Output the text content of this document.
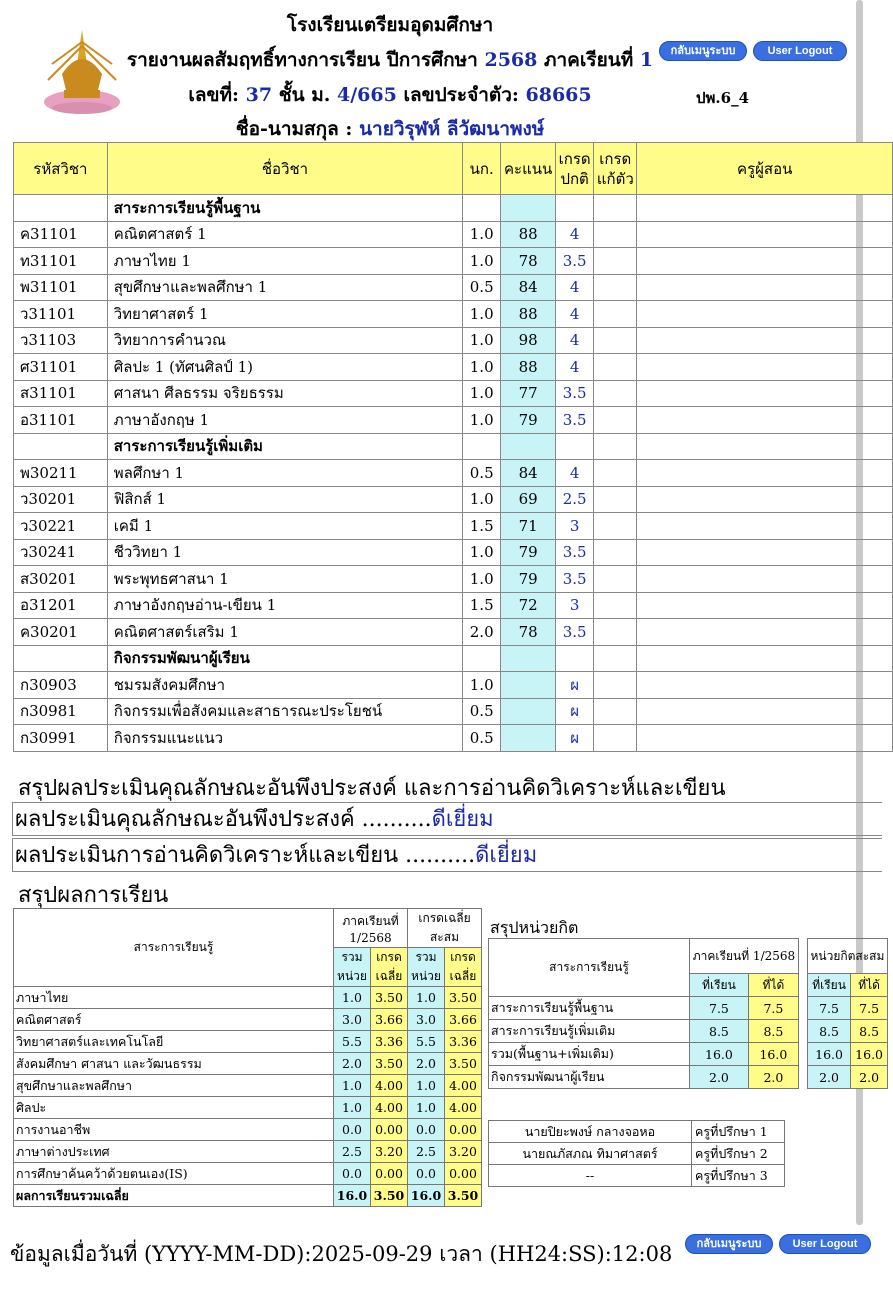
โรงเรียนเตรียมอุดมศึกษา
รายงานผลสัมฤทธิ์ทางการเรียน ปีการศึกษา 2568 ภาคเรียนที่ 1
เลขที่: 37 ชั้น ม. 4/665 เลขประจำตัว: 68665
ชื่อ-นามสกุล : นายวิรุฬห์ ลีวัฒนาพงษ์
ปพ.6_4
กลับเมนูระบบ	User Logout
รหัสวิชา	ชื่อวิชา	นก.	คะแนน	เกรด ปกติ	เกรด แก้ตัว	ครูผู้สอน
	สาระการเรียนรู้พื้นฐาน					
ค31101	คณิตศาสตร์ 1	1.0	88	4		
ท31101	ภาษาไทย 1	1.0	78	3.5		
พ31101	สุขศึกษาและพลศึกษา 1	0.5	84	4		
ว31101	วิทยาศาสตร์ 1	1.0	88	4		
ว31103	วิทยาการคำนวณ	1.0	98	4		
ศ31101	ศิลปะ 1 (ทัศนศิลป์ 1)	1.0	88	4		
ส31101	ศาสนา ศีลธรรม จริยธรรม	1.0	77	3.5		
อ31101	ภาษาอังกฤษ 1	1.0	79	3.5		
	สาระการเรียนรู้เพิ่มเติม					
พ30211	พลศึกษา 1	0.5	84	4		
ว30201	ฟิสิกส์ 1	1.0	69	2.5		
ว30221	เคมี 1	1.5	71	3		
ว30241	ชีววิทยา 1	1.0	79	3.5		
ส30201	พระพุทธศาสนา 1	1.0	79	3.5		
อ31201	ภาษาอังกฤษอ่าน-เขียน 1	1.5	72	3		
ค30201	คณิตศาสตร์เสริม 1	2.0	78	3.5		
	กิจกรรมพัฒนาผู้เรียน					
ก30903	ชมรมสังคมศึกษา	1.0		ผ		
ก30981	กิจกรรมเพื่อสังคมและสาธารณะประโยชน์	0.5		ผ		
ก30991	กิจกรรมแนะแนว	0.5		ผ		
สรุปผลประเมินคุณลักษณะอันพึงประสงค์ และการอ่านคิดวิเคราะห์และเขียน
ผลประเมินคุณลักษณะอันพึงประสงค์ ..........ดีเยี่ยม
ผลประเมินการอ่านคิดวิเคราะห์และเขียน ..........ดีเยี่ยม
สรุปผลการเรียน
สาระการเรียนรู้	ภาคเรียนที่ 1/2568		เกรดเฉลี่ยสะสม	
	รวม หน่วย	เกรด เฉลี่ย	รวม หน่วย	เกรด เฉลี่ย
ภาษาไทย	1.0	3.50	1.0	3.50
คณิตศาสตร์	3.0	3.66	3.0	3.66
วิทยาศาสตร์และเทคโนโลยี	5.5	3.36	5.5	3.36
สังคมศึกษา ศาสนา และวัฒนธรรม	2.0	3.50	2.0	3.50
สุขศึกษาและพลศึกษา	1.0	4.00	1.0	4.00
ศิลปะ	1.0	4.00	1.0	4.00
การงานอาชีพ	0.0	0.00	0.0	0.00
ภาษาต่างประเทศ	2.5	3.20	2.5	3.20
การศึกษาค้นคว้าด้วยตนเอง(IS)	0.0	0.00	0.0	0.00
ผลการเรียนรวมเฉลี่ย	16.0	3.50	16.0	3.50
สรุปหน่วยกิต
สาระการเรียนรู้	ภาคเรียนที่ 1/2568			หน่วยกิตสะสม	
	ที่เรียน	ที่ได้		ที่เรียน	ที่ได้
สาระการเรียนรู้พื้นฐาน	7.5	7.5		7.5	7.5
สาระการเรียนรู้เพิ่มเติม	8.5	8.5		8.5	8.5
รวม(พื้นฐาน+เพิ่มเติม)	16.0	16.0		16.0	16.0
กิจกรรมพัฒนาผู้เรียน	2.0	2.0		2.0	2.0
นายปิยะพงษ์ กลางจอหอ	ครูที่ปรึกษา 1
นายณภัสภณ ทิมาศาสตร์	ครูที่ปรึกษา 2
--	ครูที่ปรึกษา 3
ข้อมูลเมื่อวันที่ (YYYY-MM-DD):2025-09-29 เวลา (HH24:SS):12:08	กลับเมนูระบบ	User Logout
